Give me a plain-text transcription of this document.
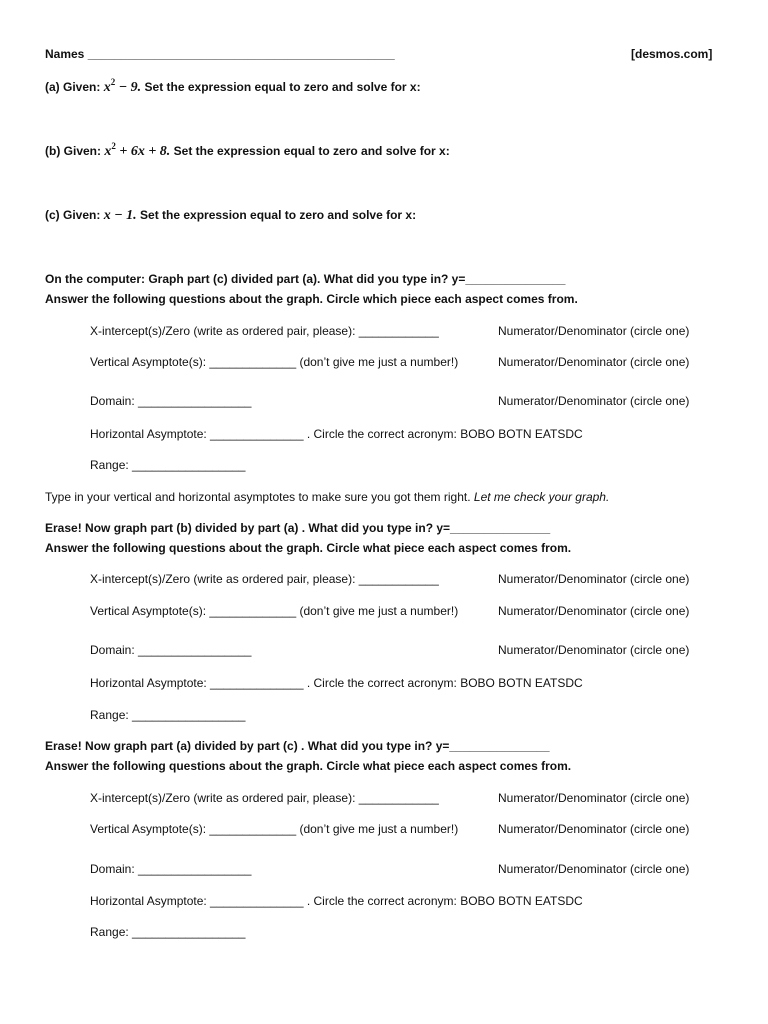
Names ______________________________________________	[desmos.com]
(a) Given: $x^2 - 9$. Set the expression equal to zero and solve for x:
(b) Given: $x^2 + 6x + 8$. Set the expression equal to zero and solve for x:
(c) Given: x − 1. Set the expression equal to zero and solve for x:
On the computer: Graph part (c) divided part (a). What did you type in? y=_______________
Answer the following questions about the graph. Circle which piece each aspect comes from.
X-intercept(s)/Zero (write as ordered pair, please): ____________	Numerator/Denominator (circle one)
Vertical Asymptote(s): _____________ (don’t give me just a number!)	Numerator/Denominator (circle one)
Domain: _________________	Numerator/Denominator (circle one)
Horizontal Asymptote: ______________ . Circle the correct acronym: BOBO BOTN EATSDC
Range: _________________
Type in your vertical and horizontal asymptotes to make sure you got them right. Let me check your graph.
Erase! Now graph part (b) divided by part (a) . What did you type in? y=_______________
Answer the following questions about the graph. Circle what piece each aspect comes from.
X-intercept(s)/Zero (write as ordered pair, please): ____________	Numerator/Denominator (circle one)
Vertical Asymptote(s): _____________ (don’t give me just a number!)	Numerator/Denominator (circle one)
Domain: _________________	Numerator/Denominator (circle one)
Horizontal Asymptote: ______________ . Circle the correct acronym: BOBO BOTN EATSDC
Range: _________________
Erase! Now graph part (a) divided by part (c) . What did you type in? y=_______________
Answer the following questions about the graph. Circle what piece each aspect comes from.
X-intercept(s)/Zero (write as ordered pair, please): ____________	Numerator/Denominator (circle one)
Vertical Asymptote(s): _____________ (don’t give me just a number!)	Numerator/Denominator (circle one)
Domain: _________________	Numerator/Denominator (circle one)
Horizontal Asymptote: ______________ . Circle the correct acronym: BOBO BOTN EATSDC
Range: _________________
